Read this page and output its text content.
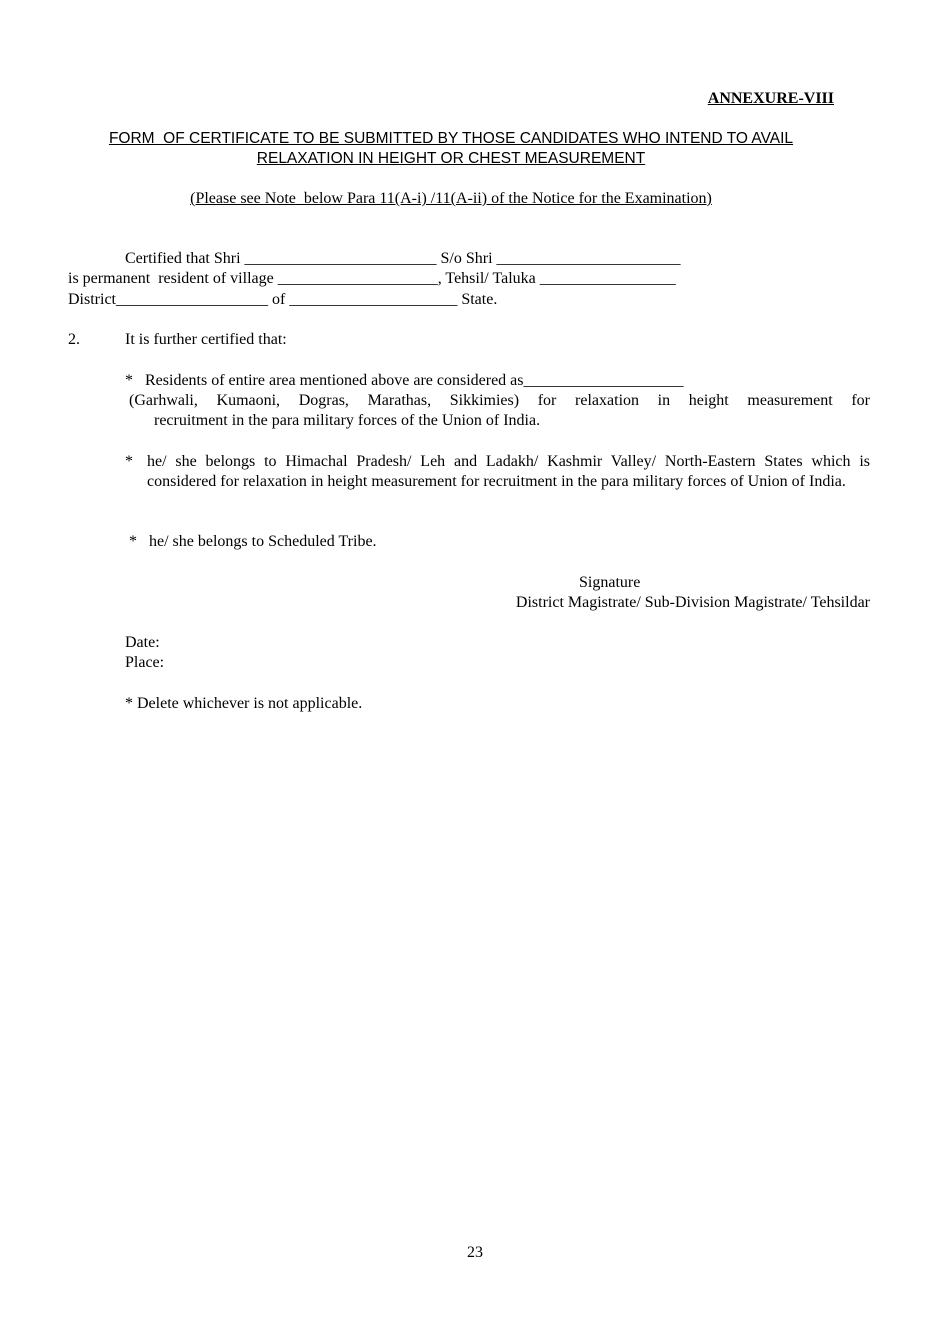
ANNEXURE-VIII
FORM  OF CERTIFICATE TO BE SUBMITTED BY THOSE CANDIDATES WHO INTEND TO AVAIL
RELAXATION IN HEIGHT OR CHEST MEASUREMENT
(Please see Note  below Para 11(A-i) /11(A-ii) of the Notice for the Examination)
Certified that Shri ________________________ S/o Shri _______________________
is permanent  resident of village ____________________, Tehsil/ Taluka _________________
District___________________ of _____________________ State.
2.	It is further certified that:
*   Residents of entire area mentioned above are considered as____________________
(Garhwali, Kumaoni, Dogras, Marathas, Sikkimies) for relaxation in height measurement for
recruitment in the para military forces of the Union of India.
* he/ she belongs to Himachal Pradesh/ Leh and Ladakh/ Kashmir Valley/ North-Eastern States which is considered for relaxation in height measurement for recruitment in the para military forces of Union of India.
*   he/ she belongs to Scheduled Tribe.
Signature
District Magistrate/ Sub-Division Magistrate/ Tehsildar
Date:
Place:
* Delete whichever is not applicable.
23
